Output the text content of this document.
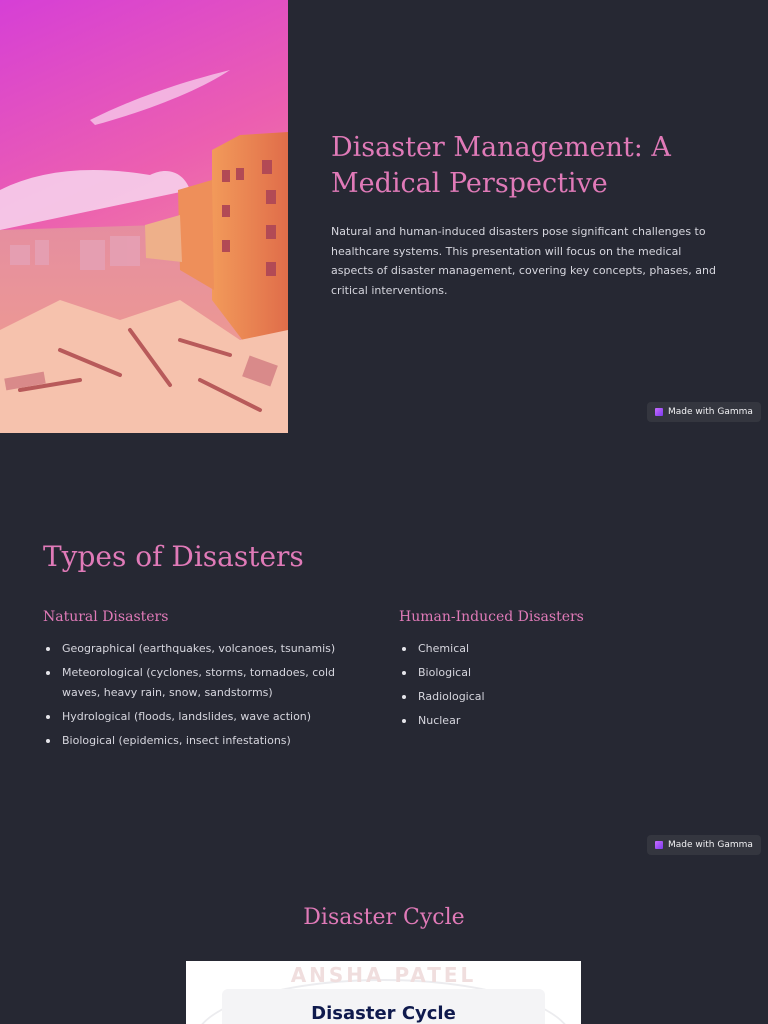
Disaster Management: A Medical Perspective

Natural and human-induced disasters pose significant challenges to healthcare systems. This presentation will focus on the medical aspects of disaster management, covering key concepts, phases, and critical interventions.

Made with Gamma
Types of Disasters
Natural Disasters
Geographical (earthquakes, volcanoes, tsunamis)
Meteorological (cyclones, storms, tornadoes, cold waves, heavy rain, snow, sandstorms)
Hydrological (floods, landslides, wave action)
Biological (epidemics, insect infestations)
Human-Induced Disasters
Chemical
Biological
Radiological
Nuclear
Made with Gamma
Disaster Cycle
ANSHA PATEL
Disaster Cycle
